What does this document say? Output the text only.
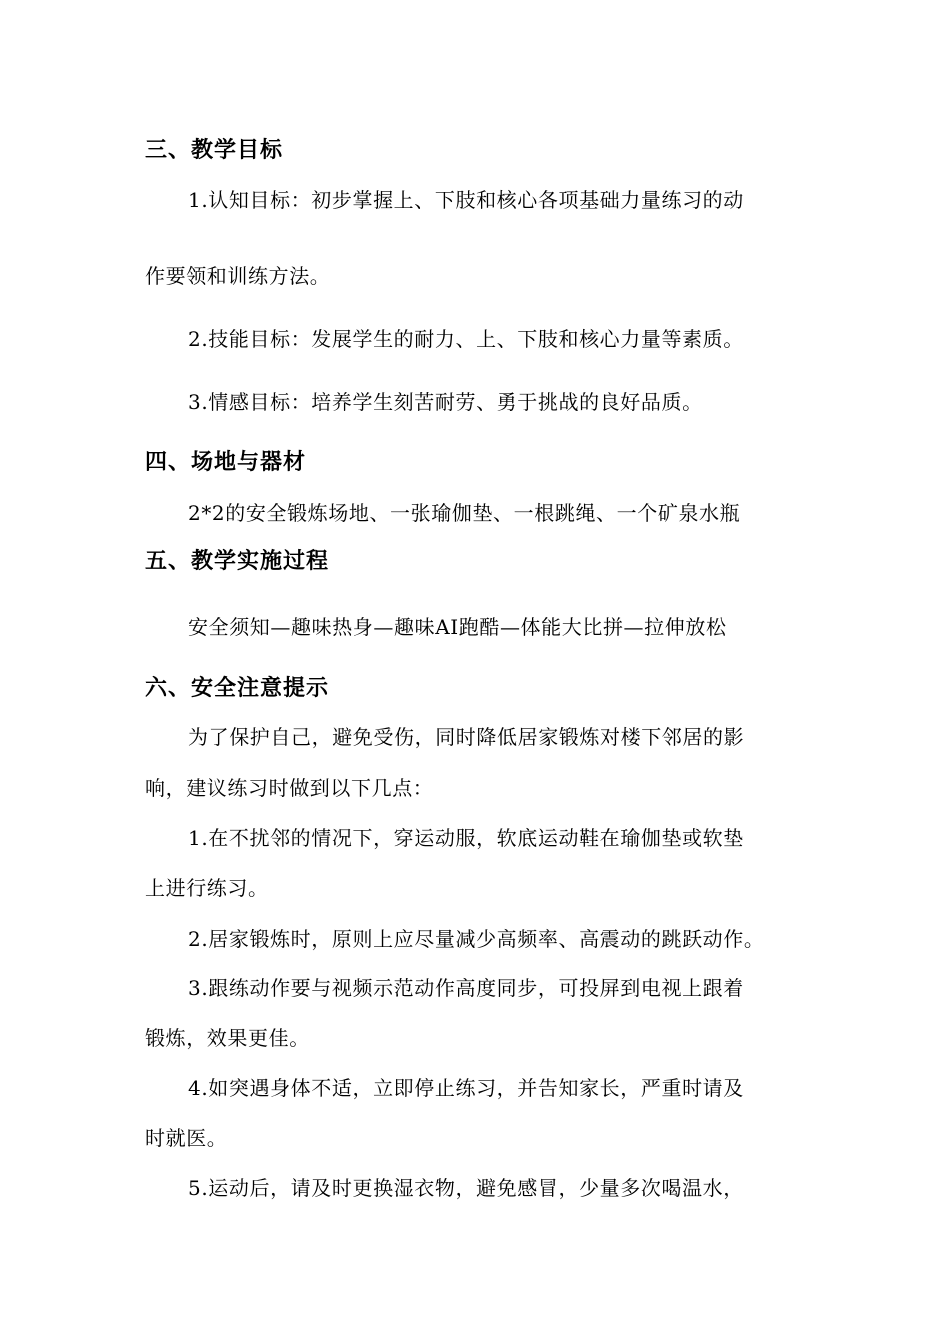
三、教学目标
1.认知目标：初步掌握上、下肢和核心各项基础力量练习的动
作要领和训练方法。
2.技能目标：发展学生的耐力、上、下肢和核心力量等素质。
3.情感目标：培养学生刻苦耐劳、勇于挑战的良好品质。
四、场地与器材
2*2的安全锻炼场地、一张瑜伽垫、一根跳绳、一个矿泉水瓶
五、教学实施过程
安全须知—趣味热身—趣味AI跑酷—体能大比拼—拉伸放松
六、安全注意提示
为了保护自己，避免受伤，同时降低居家锻炼对楼下邻居的影
响，建议练习时做到以下几点：
1.在不扰邻的情况下，穿运动服，软底运动鞋在瑜伽垫或软垫
上进行练习。
2.居家锻炼时，原则上应尽量减少高频率、高震动的跳跃动作。
3.跟练动作要与视频示范动作高度同步，可投屏到电视上跟着
锻炼，效果更佳。
4.如突遇身体不适，立即停止练习，并告知家长，严重时请及
时就医。
5.运动后，请及时更换湿衣物，避免感冒，少量多次喝温水，
